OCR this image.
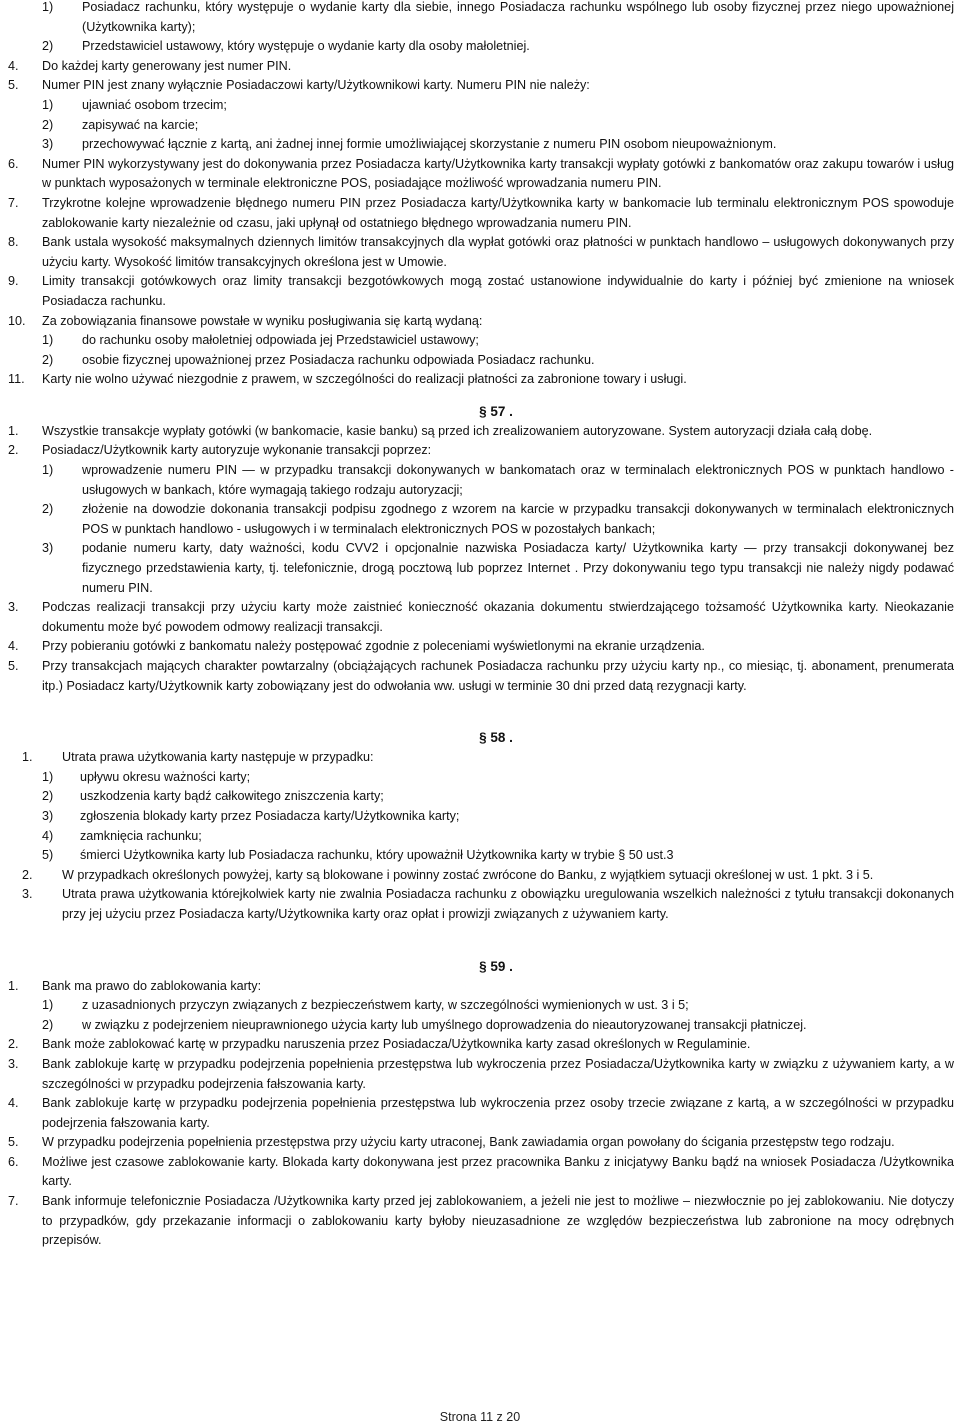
1)	Posiadacz rachunku, który występuje o wydanie karty dla siebie, innego Posiadacza rachunku wspólnego lub osoby fizycznej przez niego upoważnionej (Użytkownika karty);
2)	Przedstawiciel ustawowy, który występuje o wydanie karty dla osoby małoletniej.
4.	Do każdej karty generowany jest numer PIN.
5.	Numer PIN jest znany wyłącznie Posiadaczowi karty/Użytkownikowi karty. Numeru PIN nie należy:
1)	ujawniać osobom trzecim;
2)	zapisywać na karcie;
3)	przechowywać łącznie z kartą, ani żadnej innej formie umożliwiającej skorzystanie z numeru PIN osobom nieupoważnionym.
6.	Numer PIN wykorzystywany jest do dokonywania przez Posiadacza karty/Użytkownika karty transakcji wypłaty gotówki z bankomatów oraz zakupu towarów i usług w punktach wyposażonych w terminale elektroniczne POS, posiadające możliwość wprowadzania numeru PIN.
7.	Trzykrotne kolejne wprowadzenie błędnego numeru PIN przez Posiadacza karty/Użytkownika karty w bankomacie lub terminalu elektronicznym POS spowoduje zablokowanie karty niezależnie od czasu, jaki upłynął od ostatniego błędnego wprowadzania numeru PIN.
8.	Bank ustala wysokość maksymalnych dziennych limitów transakcyjnych dla wypłat gotówki oraz płatności w punktach handlowo – usługowych dokonywanych przy użyciu karty. Wysokość limitów transakcyjnych określona jest w Umowie.
9.	Limity transakcji gotówkowych oraz limity transakcji bezgotówkowych mogą zostać ustanowione indywidualnie do karty i później być zmienione na wniosek Posiadacza rachunku.
10.	Za zobowiązania finansowe powstałe w wyniku posługiwania się kartą wydaną:
1)	do rachunku osoby małoletniej odpowiada jej Przedstawiciel ustawowy;
2)	osobie fizycznej upoważnionej przez Posiadacza rachunku odpowiada Posiadacz rachunku.
11.	Karty nie wolno używać niezgodnie z prawem, w szczególności do realizacji płatności za zabronione towary i usługi.
§ 57 .
1.	Wszystkie transakcje wypłaty gotówki (w bankomacie, kasie banku) są przed ich zrealizowaniem autoryzowane. System autoryzacji działa całą dobę.
2.	Posiadacz/Użytkownik karty autoryzuje wykonanie transakcji poprzez:
1)	wprowadzenie numeru PIN — w przypadku transakcji dokonywanych w bankomatach oraz w terminalach elektronicznych POS w punktach handlowo - usługowych w bankach, które wymagają takiego rodzaju autoryzacji;
2)	złożenie na dowodzie dokonania transakcji podpisu zgodnego z wzorem na karcie w przypadku transakcji dokonywanych w terminalach elektronicznych POS w punktach handlowo - usługowych i w terminalach elektronicznych POS w pozostałych bankach;
3)	podanie numeru karty, daty ważności, kodu CVV2 i opcjonalnie nazwiska Posiadacza karty/ Użytkownika karty — przy transakcji dokonywanej bez fizycznego przedstawienia karty, tj. telefonicznie, drogą pocztową lub poprzez Internet . Przy dokonywaniu tego typu transakcji nie należy nigdy podawać numeru PIN.
3.	Podczas realizacji transakcji przy użyciu karty może zaistnieć konieczność okazania dokumentu stwierdzającego tożsamość Użytkownika karty. Nieokazanie dokumentu może być powodem odmowy realizacji transakcji.
4.	Przy pobieraniu gotówki z bankomatu należy postępować zgodnie z poleceniami wyświetlonymi na ekranie urządzenia.
5.	Przy transakcjach mających charakter powtarzalny (obciążających rachunek Posiadacza rachunku przy użyciu karty np., co miesiąc, tj. abonament, prenumerata itp.) Posiadacz karty/Użytkownik karty zobowiązany jest do odwołania ww. usługi w terminie 30 dni przed datą rezygnacji karty.
§ 58 .
1.	Utrata prawa użytkowania karty następuje w przypadku:
1)	upływu okresu ważności karty;
2)	uszkodzenia karty bądź całkowitego zniszczenia karty;
3)	zgłoszenia blokady karty przez Posiadacza karty/Użytkownika karty;
4)	zamknięcia rachunku;
5)	śmierci Użytkownika karty lub Posiadacza rachunku, który upoważnił Użytkownika karty w trybie § 50 ust.3
2.	W przypadkach określonych powyżej, karty są blokowane i powinny zostać zwrócone do Banku, z wyjątkiem sytuacji określonej w ust. 1 pkt. 3 i 5.
3.	Utrata prawa użytkowania którejkolwiek karty nie zwalnia Posiadacza rachunku z obowiązku uregulowania wszelkich należności z tytułu transakcji dokonanych przy jej użyciu przez Posiadacza karty/Użytkownika karty oraz opłat i prowizji związanych z używaniem karty.
§ 59 .
1.	Bank ma prawo do zablokowania karty:
1)	z uzasadnionych przyczyn związanych z bezpieczeństwem karty, w szczególności wymienionych w ust. 3 i 5;
2)	w związku z podejrzeniem nieuprawnionego użycia karty lub umyślnego doprowadzenia do nieautoryzowanej transakcji płatniczej.
2.	Bank może zablokować kartę w przypadku naruszenia przez Posiadacza/Użytkownika karty zasad określonych w Regulaminie.
3.	Bank zablokuje kartę w przypadku podejrzenia popełnienia przestępstwa lub wykroczenia przez Posiadacza/Użytkownika karty w związku z używaniem karty, a w szczególności w przypadku podejrzenia fałszowania karty.
4.	Bank zablokuje kartę w przypadku podejrzenia popełnienia przestępstwa lub wykroczenia przez osoby trzecie związane z kartą, a w szczególności w przypadku podejrzenia fałszowania karty.
5.	W przypadku podejrzenia popełnienia przestępstwa przy użyciu karty utraconej, Bank zawiadamia organ powołany do ścigania przestępstw tego rodzaju.
6.	Możliwe jest czasowe zablokowanie karty. Blokada karty dokonywana jest przez pracownika Banku z inicjatywy Banku bądź na wniosek Posiadacza /Użytkownika karty.
7.	Bank informuje telefonicznie Posiadacza /Użytkownika karty przed jej zablokowaniem, a jeżeli nie jest to możliwe – niezwłocznie po jej zablokowaniu. Nie dotyczy to przypadków, gdy przekazanie informacji o zablokowaniu karty byłoby nieuzasadnione ze względów bezpieczeństwa lub zabronione na mocy odrębnych przepisów.
Strona 11 z 20
